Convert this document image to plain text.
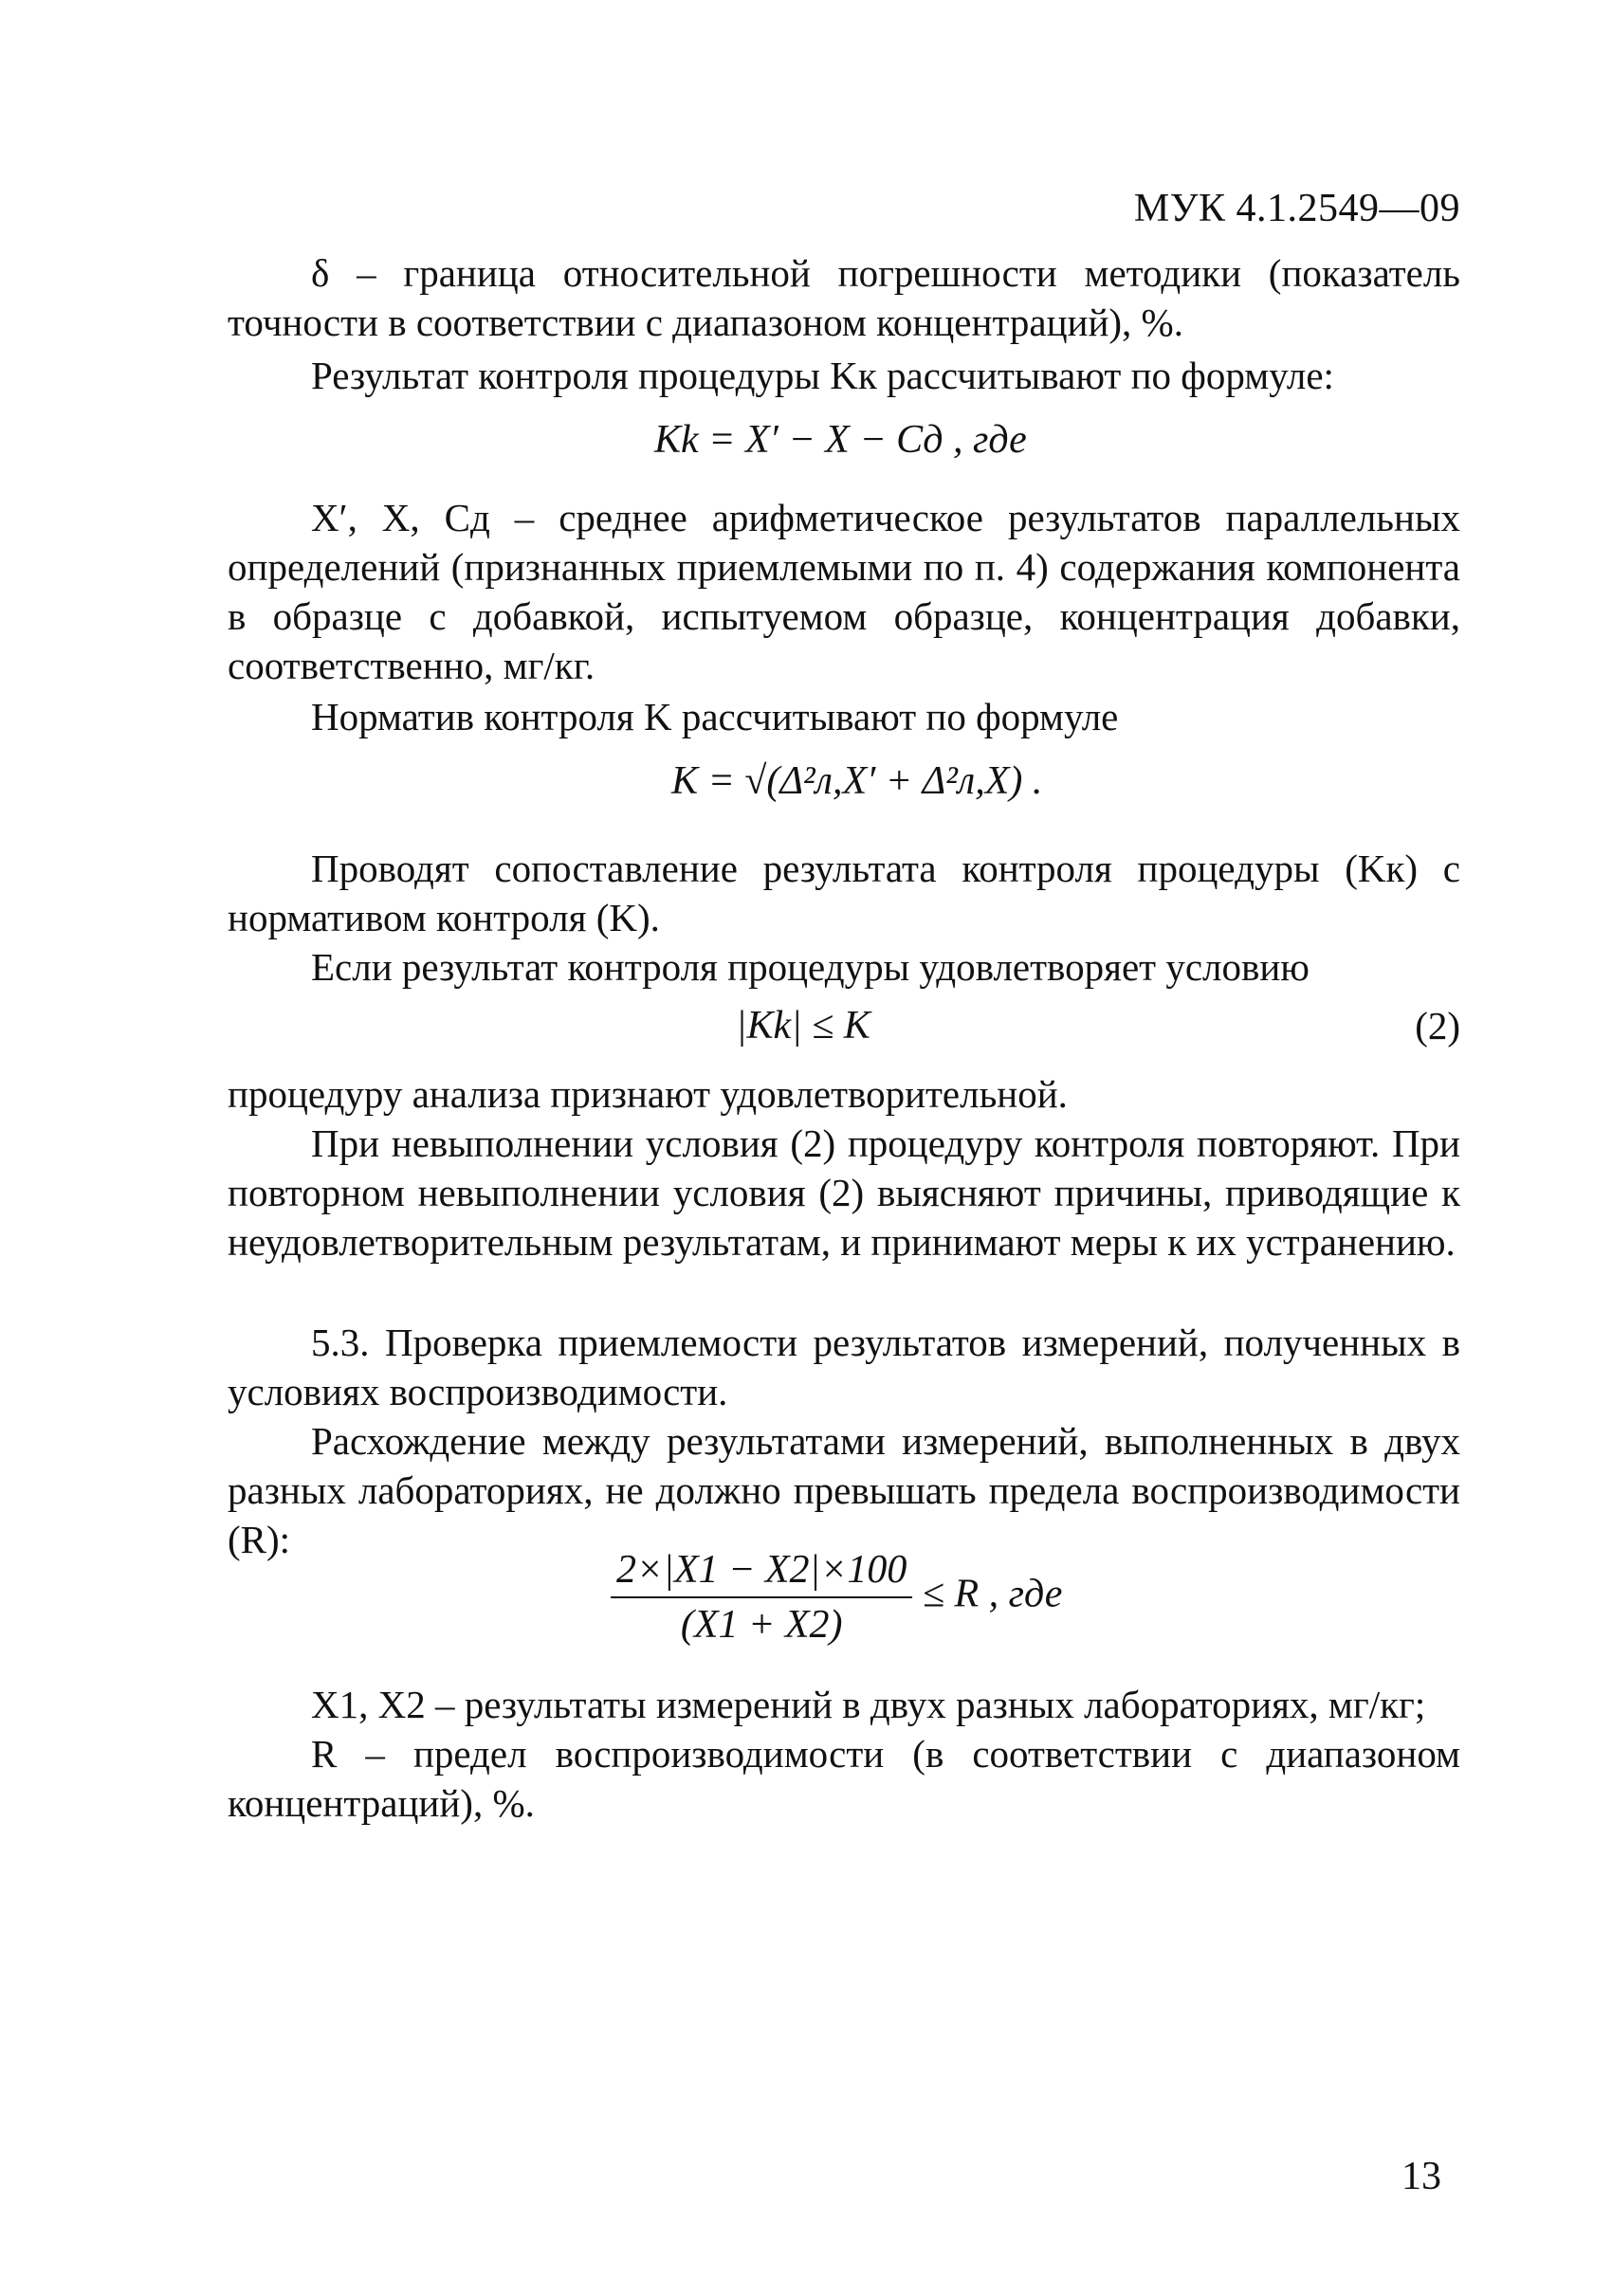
МУК 4.1.2549—09
δ – граница относительной погрешности методики (показатель точности в соответствии с диапазоном концентраций), %.
Результат контроля процедуры Kк рассчитывают по формуле:
Kk = X′ − X − Cд , где
X′, X, Cд – среднее арифметическое результатов параллельных определений (признанных приемлемыми по п. 4) содержания компонента в образце с добавкой, испытуемом образце, концентрация добавки, соответственно, мг/кг.
Норматив контроля K рассчитывают по формуле
K = √(Δ²л,X′ + Δ²л,X) .
Проводят сопоставление результата контроля процедуры (Kк) с нормативом контроля (K).
Если результат контроля процедуры удовлетворяет условию
|Kk| ≤ K	(2)
процедуру анализа признают удовлетворительной.
При невыполнении условия (2) процедуру контроля повторяют. При повторном невыполнении условия (2) выясняют причины, приводящие к неудовлетворительным результатам, и принимают меры к их устранению.
5.3. Проверка приемлемости результатов измерений, полученных в условиях воспроизводимости.
Расхождение между результатами измерений, выполненных в двух разных лабораториях, не должно превышать предела воспроизводимости (R):
$\frac{2\times|X1 - X2|\times 100}{(X1 + X2)} \le R$ , где
X1, X2 – результаты измерений в двух разных лабораториях, мг/кг;
R – предел воспроизводимости (в соответствии с диапазоном концентраций), %.
13
